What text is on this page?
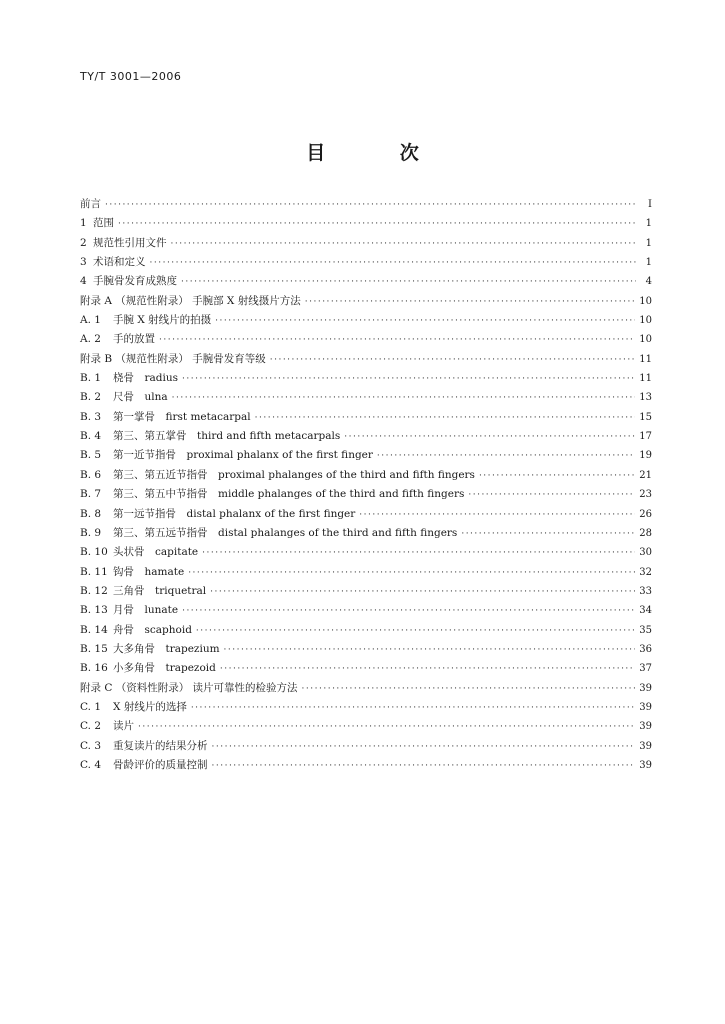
TY/T 3001—2006
目 次
前言 ·····	Ⅰ
1 范围 ·····	1
2 规范性引用文件 ·····	1
3 术语和定义 ·····	1
4 手腕骨发育成熟度 ·····	4
附录 A （规范性附录） 手腕部 X 射线摄片方法 ·····	10
A. 1	手腕 X 射线片的拍摄 ·····	10
A. 2	手的放置 ·····	10
附录 B （规范性附录） 手腕骨发育等级 ·····	11
B. 1	桡骨　radius ·····	11
B. 2	尺骨　ulna ·····	13
B. 3	第一掌骨　first metacarpal ·····	15
B. 4	第三、第五掌骨　third and fifth metacarpals ·····	17
B. 5	第一近节指骨　proximal phalanx of the first finger ·····	19
B. 6	第三、第五近节指骨　proximal phalanges of the third and fifth fingers ·····	21
B. 7	第三、第五中节指骨　middle phalanges of the third and fifth fingers ·····	23
B. 8	第一远节指骨　distal phalanx of the first finger ·····	26
B. 9	第三、第五远节指骨　distal phalanges of the third and fifth fingers ·····	28
B. 10 头状骨　capitate ·····	30
B. 11 钩骨　hamate ·····	32
B. 12 三角骨　triquetral ·····	33
B. 13 月骨　lunate ·····	34
B. 14 舟骨　scaphoid ·····	35
B. 15 大多角骨　trapezium ·····	36
B. 16 小多角骨　trapezoid ·····	37
附录 C （资料性附录） 读片可靠性的检验方法 ·····	39
C. 1	X 射线片的选择 ·····	39
C. 2	读片 ·····	39
C. 3	重复读片的结果分析 ·····	39
C. 4	骨龄评价的质量控制 ·····	39
